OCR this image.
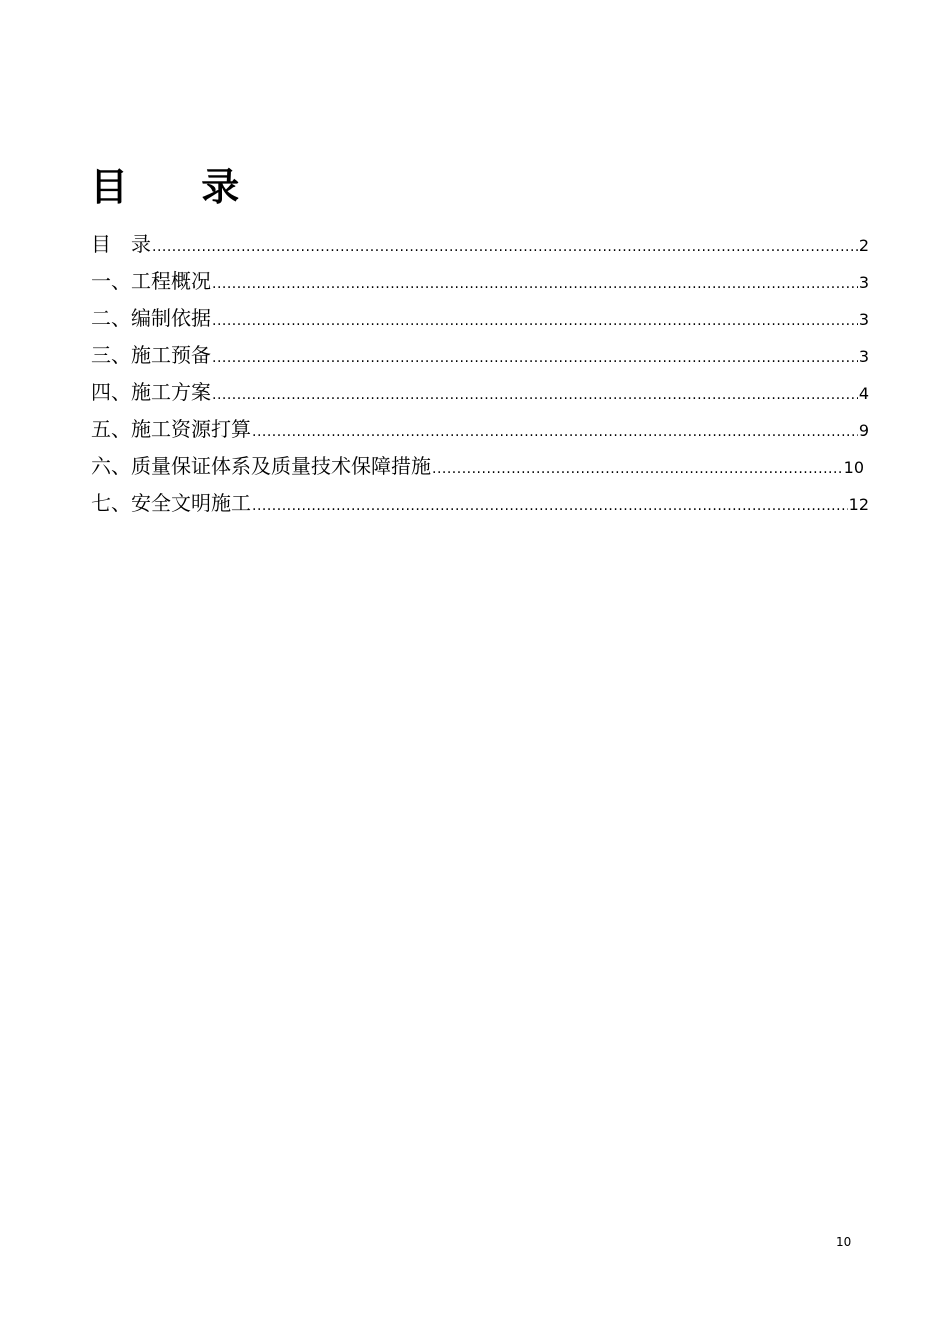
目 录
目　录 .....	2
一、工程概况 .....	3
二、编制依据 .....	3
三、施工预备 .....	3
四、施工方案 .....	4
五、施工资源打算 .....	9
六、质量保证体系及质量技术保障措施 .....	10
七、安全文明施工 .....	12
10
